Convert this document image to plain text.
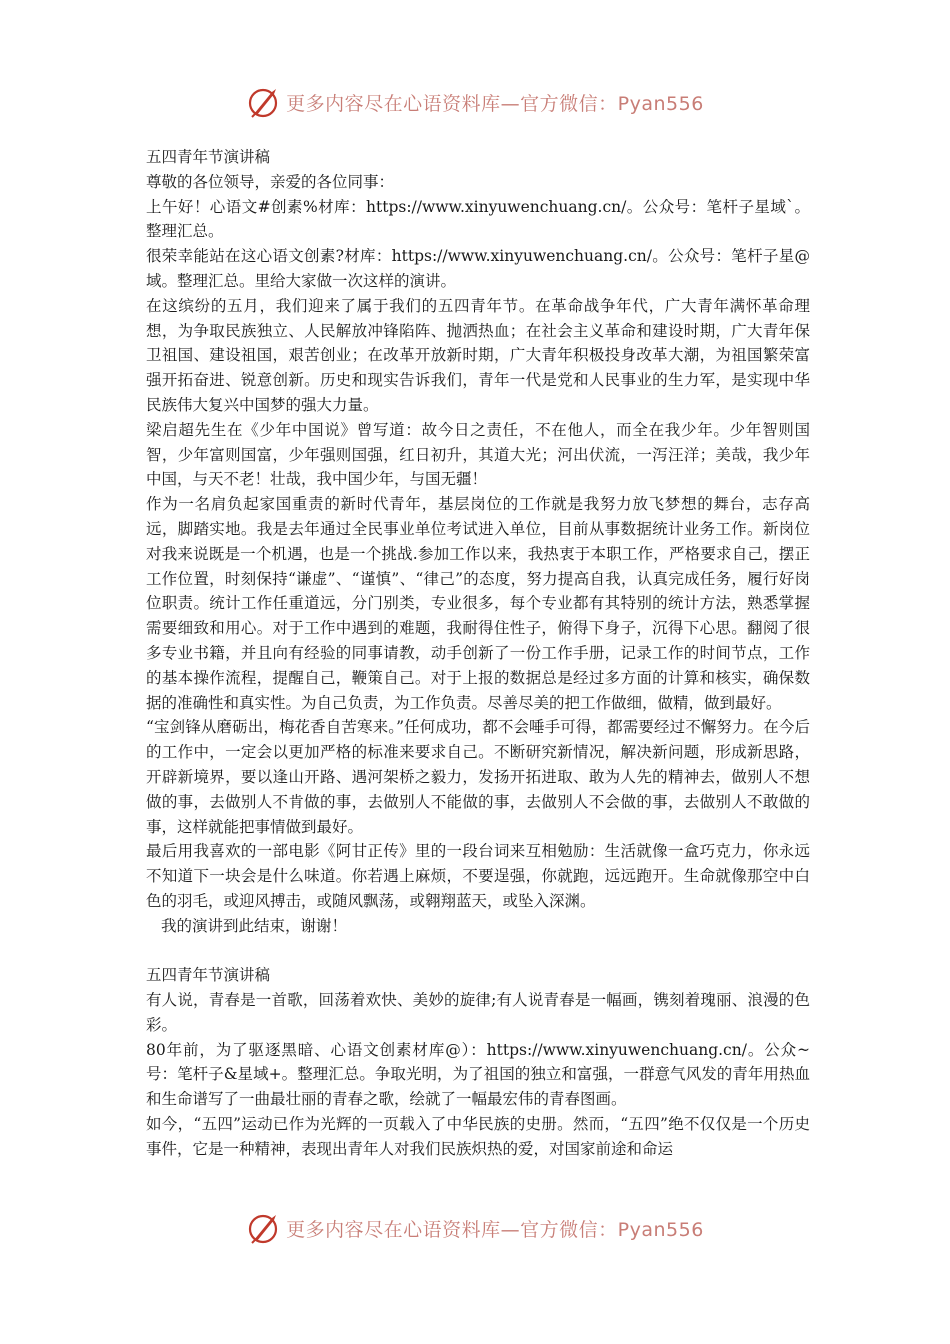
更多内容尽在心语资料库—官方微信：Pyan556

五四青年节演讲稿

尊敬的各位领导，亲爱的各位同事：

上午好！心语文#创素%材库：https://www.xinyuwenchuang.cn/。公众号：笔杆子星域`。整理汇总。

很荣幸能站在这心语文创素?材库：https://www.xinyuwenchuang.cn/。公众号：笔杆子星@域。整理汇总。里给大家做一次这样的演讲。

在这缤纷的五月，我们迎来了属于我们的五四青年节。在革命战争年代，广大青年满怀革命理想，为争取民族独立、人民解放冲锋陷阵、抛洒热血；在社会主义革命和建设时期，广大青年保卫祖国、建设祖国，艰苦创业；在改革开放新时期，广大青年积极投身改革大潮，为祖国繁荣富强开拓奋进、锐意创新。历史和现实告诉我们，青年一代是党和人民事业的生力军，是实现中华民族伟大复兴中国梦的强大力量。

梁启超先生在《少年中国说》曾写道：故今日之责任，不在他人，而全在我少年。少年智则国智，少年富则国富，少年强则国强，红日初升，其道大光；河出伏流，一泻汪洋；美哉，我少年中国，与天不老！壮哉，我中国少年，与国无疆！

作为一名肩负起家国重责的新时代青年，基层岗位的工作就是我努力放飞梦想的舞台，志存高远，脚踏实地。我是去年通过全民事业单位考试进入单位，目前从事数据统计业务工作。新岗位对我来说既是一个机遇，也是一个挑战.参加工作以来，我热衷于本职工作，严格要求自己，摆正工作位置，时刻保持“谦虚”、“谨慎”、“律己”的态度，努力提高自我，认真完成任务，履行好岗位职责。统计工作任重道远，分门别类，专业很多，每个专业都有其特别的统计方法，熟悉掌握需要细致和用心。对于工作中遇到的难题，我耐得住性子，俯得下身子，沉得下心思。翻阅了很多专业书籍，并且向有经验的同事请教，动手创新了一份工作手册，记录工作的时间节点，工作的基本操作流程，提醒自己，鞭策自己。对于上报的数据总是经过多方面的计算和核实，确保数据的准确性和真实性。为自己负责，为工作负责。尽善尽美的把工作做细，做精，做到最好。

“宝剑锋从磨砺出，梅花香自苦寒来。”任何成功，都不会唾手可得，都需要经过不懈努力。在今后的工作中，一定会以更加严格的标准来要求自己。不断研究新情况，解决新问题，形成新思路，开辟新境界，要以逢山开路、遇河架桥之毅力，发扬开拓进取、敢为人先的精神去，做别人不想做的事，去做别人不肯做的事，去做别人不能做的事，去做别人不会做的事，去做别人不敢做的事，这样就能把事情做到最好。

最后用我喜欢的一部电影《阿甘正传》里的一段台词来互相勉励：生活就像一盒巧克力，你永远不知道下一块会是什么味道。你若遇上麻烦，不要逞强，你就跑，远远跑开。生命就像那空中白色的羽毛，或迎风搏击，或随风飘荡，或翱翔蓝天，或坠入深渊。

我的演讲到此结束，谢谢！

五四青年节演讲稿

有人说，青春是一首歌，回荡着欢快、美妙的旋律;有人说青春是一幅画，镌刻着瑰丽、浪漫的色彩。

80年前，为了驱逐黑暗、心语文创素材库@）：https://www.xinyuwenchuang.cn/。公众~号：笔杆子&星域+。整理汇总。争取光明，为了祖国的独立和富强，一群意气风发的青年用热血和生命谱写了一曲最壮丽的青春之歌，绘就了一幅最宏伟的青春图画。

如今，“五四”运动已作为光辉的一页载入了中华民族的史册。然而，“五四”绝不仅仅是一个历史事件，它是一种精神，表现出青年人对我们民族炽热的爱，对国家前途和命运

更多内容尽在心语资料库—官方微信：Pyan556
